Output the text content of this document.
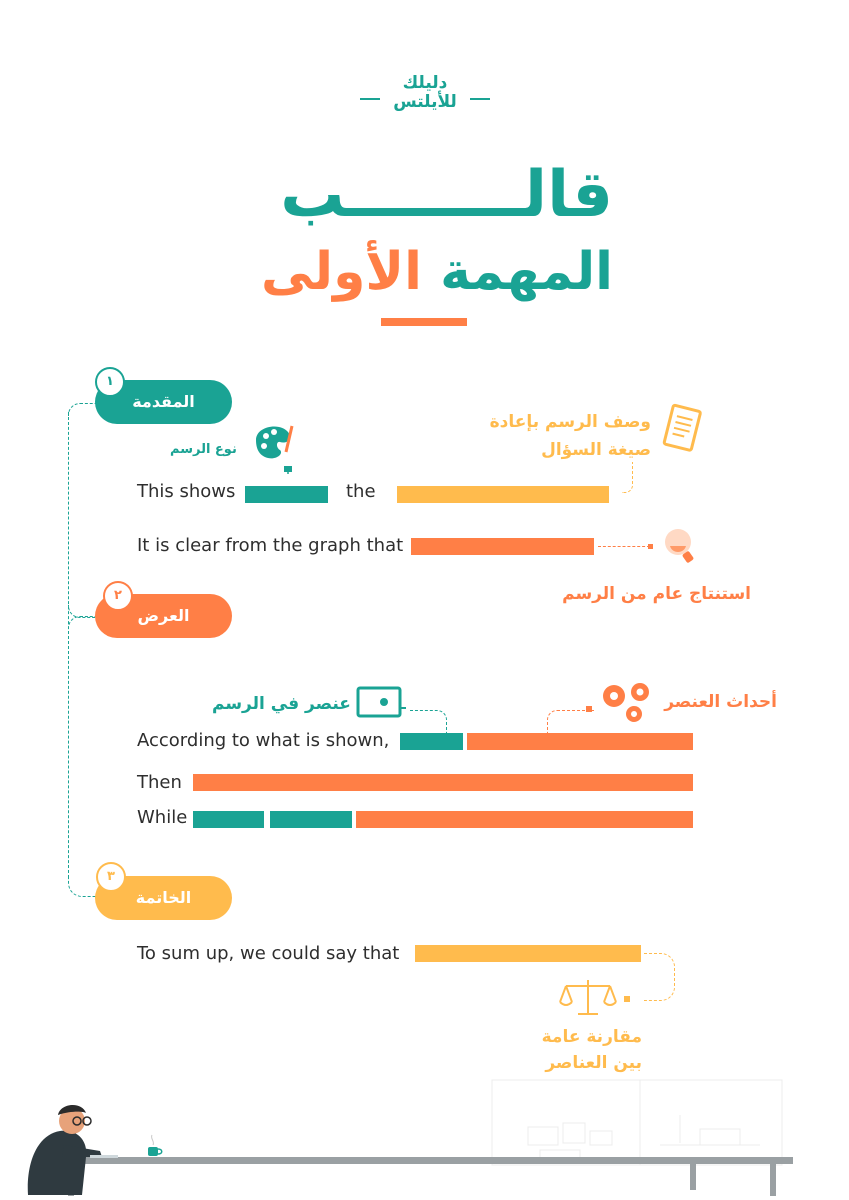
دليلك للأيلتس
قالــــــــب
المهمة الأولى
المقدمة
١
نوع الرسم
وصف الرسم بإعادة
صيغة السؤال
This shows	the
It is clear from the graph that
استنتاج عام من الرسم
العرض
٢
عنصر في الرسم	أحداث العنصر
According to what is shown,
Then
While
الخاتمة
٣
To sum up, we could say that
مقارنة عامة
بين العناصر
